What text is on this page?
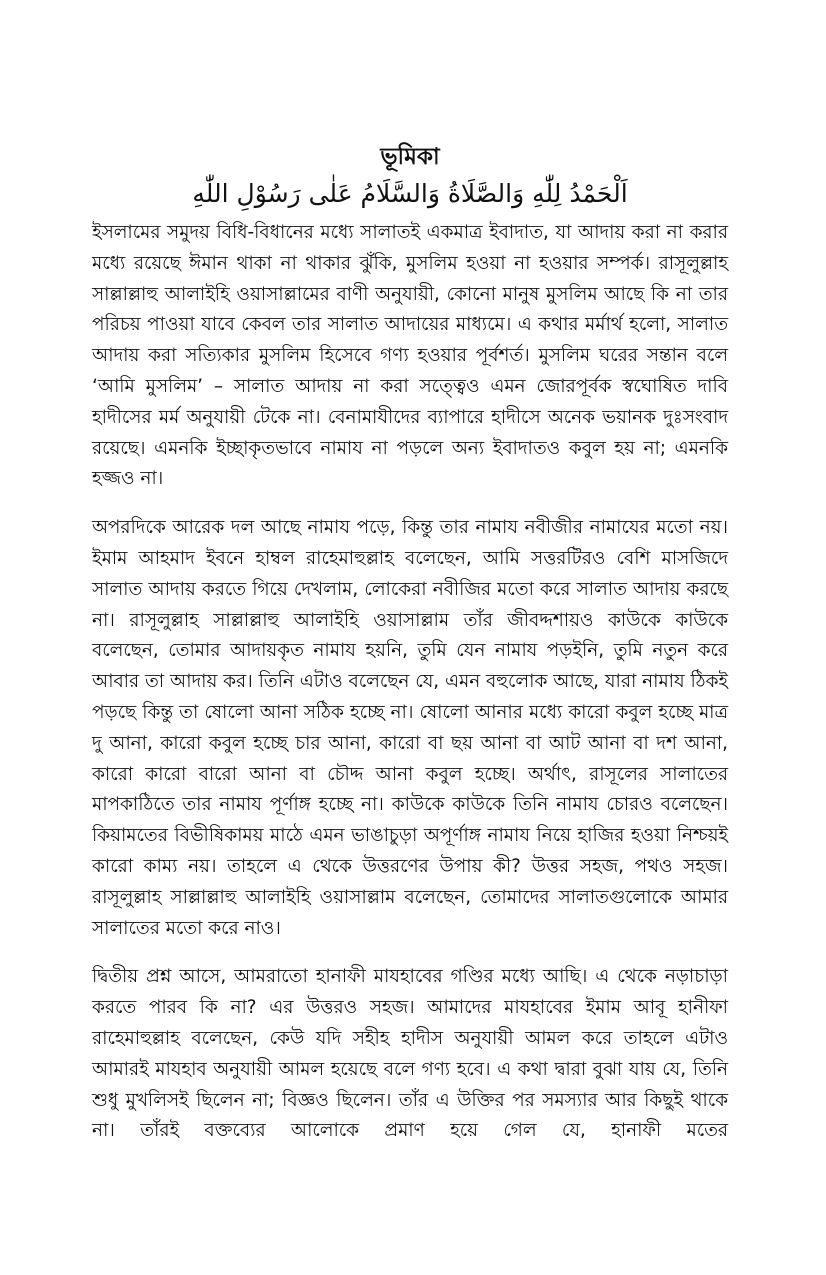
ভূমিকা

اَلْحَمْدُ لِلّٰهِ وَالصَّلَاةُ وَالسَّلَامُ عَلٰى رَسُوْلِ اللّٰهِ

ইসলামের সমুদয় বিধি-বিধানের মধ্যে সালাতই একমাত্র ইবাদাত, যা আদায় করা না করার মধ্যে রয়েছে ঈমান থাকা না থাকার ঝুঁকি, মুসলিম হওয়া না হওয়ার সম্পর্ক। রাসূলুল্লাহ সাল্লাল্লাহু আলাইহি ওয়াসাল্লামের বাণী অনুযায়ী, কোনো মানুষ মুসলিম আছে কি না তার পরিচয় পাওয়া যাবে কেবল তার সালাত আদায়ের মাধ্যমে। এ কথার মর্মার্থ হলো, সালাত আদায় করা সত্যিকার মুসলিম হিসেবে গণ্য হওয়ার পূর্বশর্ত। মুসলিম ঘরের সন্তান বলে ‘আমি মুসলিম’ – সালাত আদায় না করা সত্ত্বেও এমন জোরপূর্বক স্বঘোষিত দাবি হাদীসের মর্ম অনুযায়ী টেকে না। বেনামাযীদের ব্যাপারে হাদীসে অনেক ভয়ানক দুঃসংবাদ রয়েছে। এমনকি ইচ্ছাকৃতভাবে নামায না পড়লে অন্য ইবাদাতও কবুল হয় না; এমনকি হজ্জও না।

অপরদিকে আরেক দল আছে নামায পড়ে, কিন্তু তার নামায নবীজীর নামাযের মতো নয়। ইমাম আহমাদ ইবনে হাম্বল রাহেমাহুল্লাহ বলেছেন, আমি সত্তরটিরও বেশি মাসজিদে সালাত আদায় করতে গিয়ে দেখলাম, লোকেরা নবীজির মতো করে সালাত আদায় করছে না। রাসূলুল্লাহ সাল্লাল্লাহু আলাইহি ওয়াসাল্লাম তাঁর জীবদ্দশায়ও কাউকে কাউকে বলেছেন, তোমার আদায়কৃত নামায হয়নি, তুমি যেন নামায পড়ইনি, তুমি নতুন করে আবার তা আদায় কর। তিনি এটাও বলেছেন যে, এমন বহুলোক আছে, যারা নামায ঠিকই পড়ছে কিন্তু তা ষোলো আনা সঠিক হচ্ছে না। ষোলো আনার মধ্যে কারো কবুল হচ্ছে মাত্র দু আনা, কারো কবুল হচ্ছে চার আনা, কারো বা ছয় আনা বা আট আনা বা দশ আনা, কারো কারো বারো আনা বা চৌদ্দ আনা কবুল হচ্ছে। অর্থাৎ, রাসূলের সালাতের মাপকাঠিতে তার নামায পূর্ণাঙ্গ হচ্ছে না। কাউকে কাউকে তিনি নামায চোরও বলেছেন। কিয়ামতের বিভীষিকাময় মাঠে এমন ভাঙাচুড়া অপূর্ণাঙ্গ নামায নিয়ে হাজির হওয়া নিশ্চয়ই কারো কাম্য নয়। তাহলে এ থেকে উত্তরণের উপায় কী? উত্তর সহজ, পথও সহজ। রাসূলুল্লাহ সাল্লাল্লাহু আলাইহি ওয়াসাল্লাম বলেছেন, তোমাদের সালাতগুলোকে আমার সালাতের মতো করে নাও।

দ্বিতীয় প্রশ্ন আসে, আমরাতো হানাফী মাযহাবের গণ্ডির মধ্যে আছি। এ থেকে নড়াচাড়া করতে পারব কি না? এর উত্তরও সহজ। আমাদের মাযহাবের ইমাম আবূ হানীফা রাহেমাহুল্লাহ বলেছেন, কেউ যদি সহীহ হাদীস অনুযায়ী আমল করে তাহলে এটাও আমারই মাযহাব অনুযায়ী আমল হয়েছে বলে গণ্য হবে। এ কথা দ্বারা বুঝা যায় যে, তিনি শুধু মুখলিসই ছিলেন না; বিজ্ঞও ছিলেন। তাঁর এ উক্তির পর সমস্যার আর কিছুই থাকে না। তাঁরই বক্তব্যের আলোকে প্রমাণ হয়ে গেল যে, হানাফী মতের
